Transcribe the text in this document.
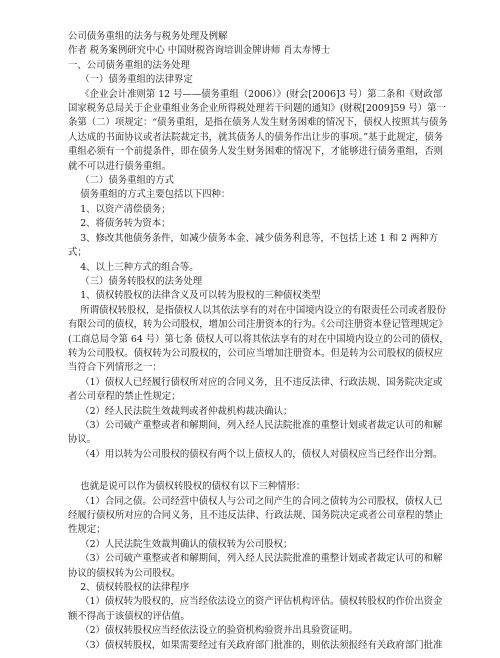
公司债务重组的法务与税务处理及例解

作者 税务案例研究中心 中国财税咨询培训金牌讲师 肖太寿博士

一、公司债务重组的法务处理

（一）债务重组的法律界定

《企业会计准则第 12 号——债务重组（2006）》(财会[2006]3 号）第二条和《财政部国家税务总局关于企业重组业务企业所得税处理若干问题的通知》(财税[2009]59 号）第一条第（二）项规定：“债务重组，是指在债务人发生财务困难的情况下，债权人按照其与债务人达成的书面协议或者法院裁定书，就其债务人的债务作出让步的事项。”基于此规定，债务重组必须有一个前提条件，即在债务人发生财务困难的情况下，才能够进行债务重组，否则就不可以进行债务重组。

（二）债务重组的方式

债务重组的方式主要包括以下四种：

1、以资产清偿债务；

2、将债务转为资本；

3、修改其他债务条件，如减少债务本金、减少债务利息等，不包括上述 1 和 2 两种方式；

4、以上三种方式的组合等。

（三）债务转股权的法务处理

1、债权转股权的法律含义及可以转为股权的三种债权类型

所谓债权转股权，是指债权人以其依法享有的对在中国境内设立的有限责任公司或者股份有限公司的债权，转为公司股权，增加公司注册资本的行为。《公司注册资本登记管理规定》(工商总局令第 64 号）第七条 债权人可以将其依法享有的对在中国境内设立的公司的债权，转为公司股权。债权转为公司股权的，公司应当增加注册资本。但是转为公司股权的债权应当符合下列情形之一：

（1）债权人已经履行债权所对应的合同义务，且不违反法律、行政法规、国务院决定或者公司章程的禁止性规定；

（2）经人民法院生效裁判或者仲裁机构裁决确认；

（3）公司破产重整或者和解期间，列入经人民法院批准的重整计划或者裁定认可的和解协议。

（4）用以转为公司股权的债权有两个以上债权人的，债权人对债权应当已经作出分割。

也就是说可以作为债权转股权的债权有以下三种情形：

（1）合同之债。公司经营中债权人与公司之间产生的合同之债转为公司股权，债权人已经履行债权所对应的合同义务，且不违反法律、行政法规、国务院决定或者公司章程的禁止性规定；

（2）人民法院生效裁判确认的债权转为公司股权；

（3）公司破产重整或者和解期间，列入经人民法院批准的重整计划或者裁定认可的和解协议的债权转为公司股权。

2、债权转股权的法律程序

（1）债权转为股权的，应当经依法设立的资产评估机构评估。债权转股权的作价出资金额不得高于该债权的评估值。

（2）债权转股权应当经依法设立的验资机构验资并出具验资证明。

（3）债权转股权，如果需要经过有关政府部门批准的，则依法须报经有关政府部门批准
